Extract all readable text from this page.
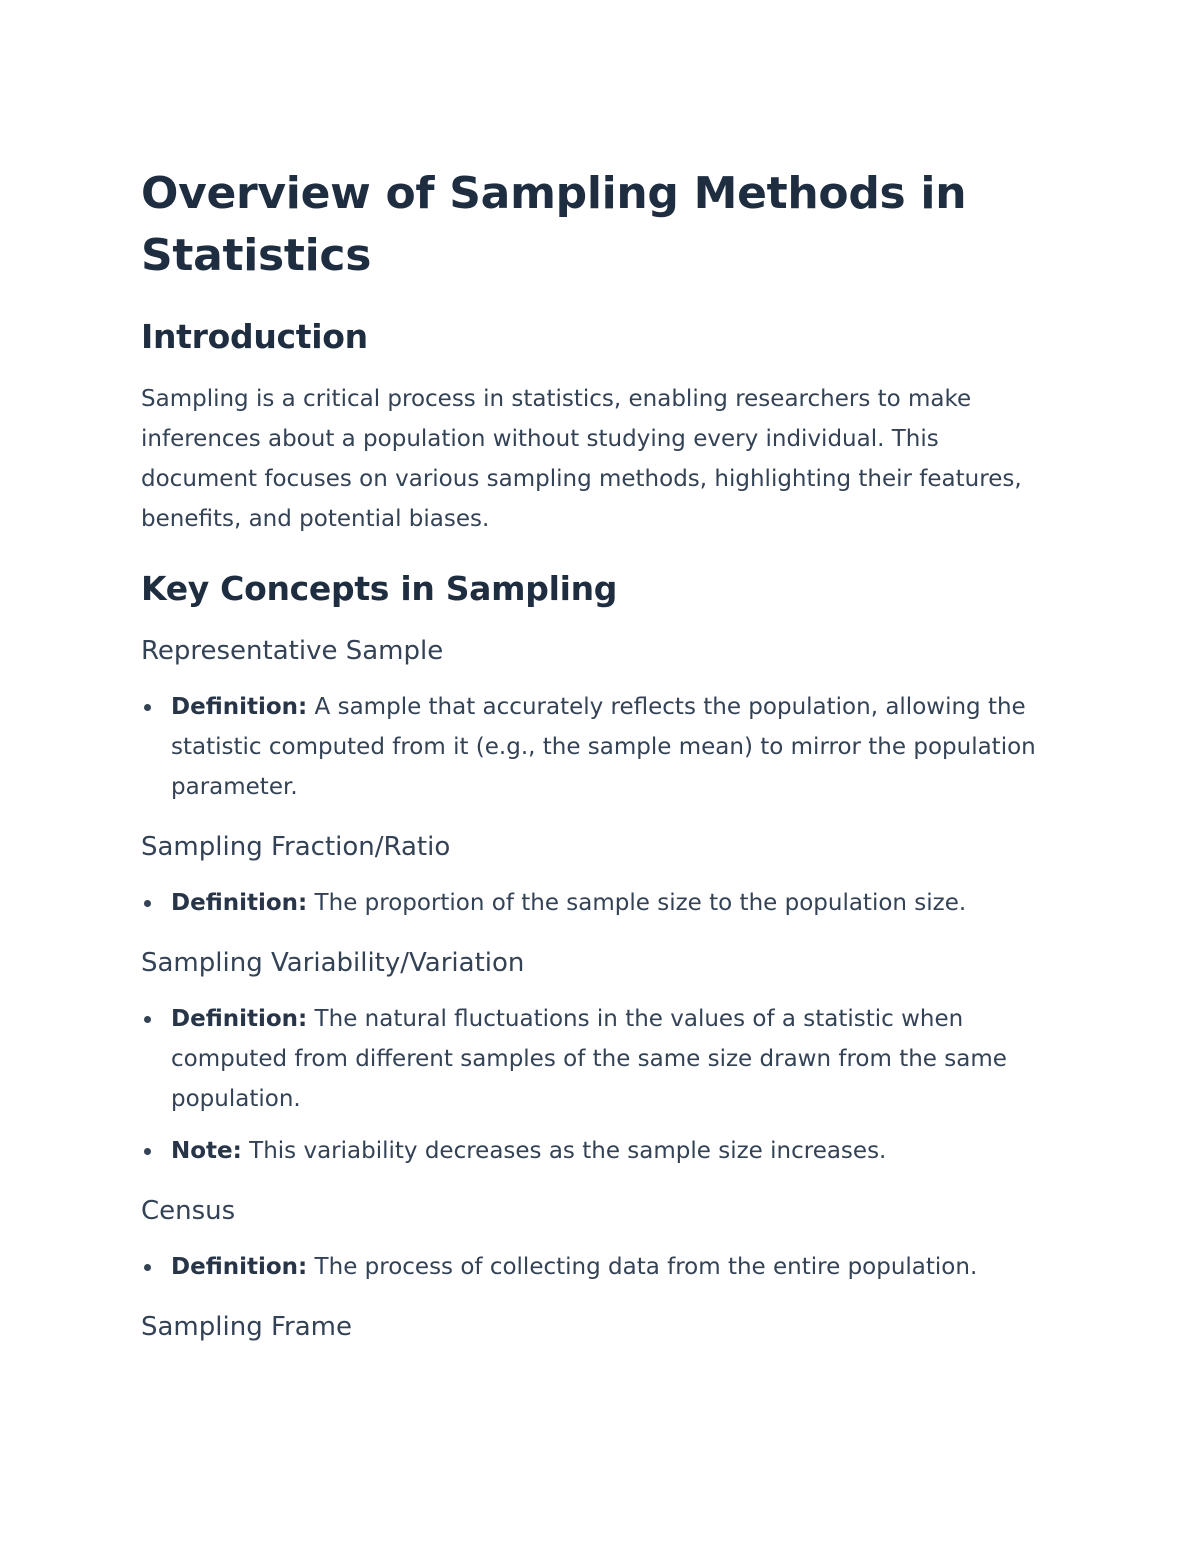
Overview of Sampling Methods in Statistics
Introduction

Sampling is a critical process in statistics, enabling researchers to make inferences about a population without studying every individual. This document focuses on various sampling methods, highlighting their features, benefits, and potential biases.

Key Concepts in Sampling
Representative Sample
Definition: A sample that accurately reflects the population, allowing the statistic computed from it (e.g., the sample mean) to mirror the population parameter.
Sampling Fraction/Ratio
Definition: The proportion of the sample size to the population size.
Sampling Variability/Variation
Definition: The natural fluctuations in the values of a statistic when computed from different samples of the same size drawn from the same population.
Note: This variability decreases as the sample size increases.
Census
Definition: The process of collecting data from the entire population.
Sampling Frame
